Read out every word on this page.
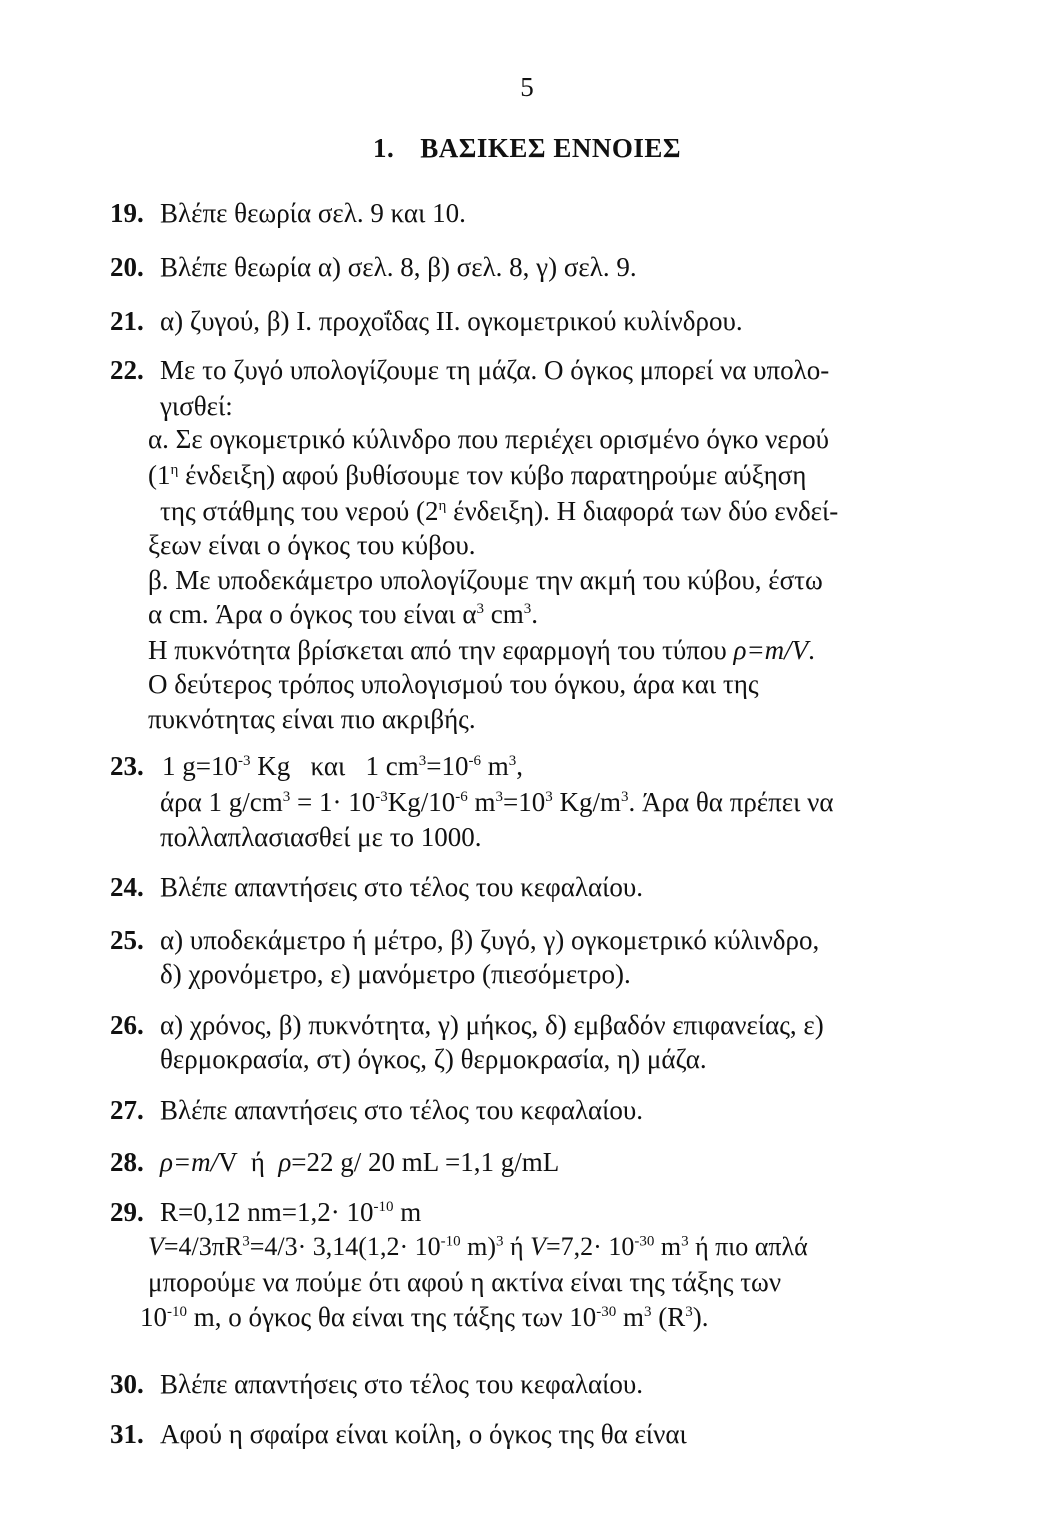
5
1. ΒΑΣΙΚΕΣ ΕΝΝΟΙΕΣ
19. Βλέπε θεωρία σελ. 9 και 10.
20. Βλέπε θεωρία α) σελ. 8, β) σελ. 8, γ) σελ. 9.
21. α) ζυγού, β) Ι. προχοΐδας ΙΙ. ογκομετρικού κυλίνδρου.
22. Με το ζυγό υπολογίζουμε τη μάζα. Ο όγκος μπορεί να υπολο-
γισθεί:
α. Σε ογκομετρικό κύλινδρο που περιέχει ορισμένο όγκο νερού
($1^\eta$ ένδειξη) αφού βυθίσουμε τον κύβο παρατηρούμε αύξηση
της στάθμης του νερού ($2^\eta$ ένδειξη). Η διαφορά των δύο ενδεί-
ξεων είναι ο όγκος του κύβου.
β. Με υποδεκάμετρο υπολογίζουμε την ακμή του κύβου, έστω
α cm. Άρα ο όγκος του είναι $\alpha^3$ $cm^3$.
Η πυκνότητα βρίσκεται από την εφαρμογή του τύπου ρ=m/V.
Ο δεύτερος τρόπος υπολογισμού του όγκου, άρα και της
πυκνότητας είναι πιο ακριβής.
23. 1 $g=10^{-3}$ Kg   και   1 $cm^3=10^{-6}$ $m^3$,
άρα 1 $g/cm^3 = 1\cdot 10^{-3}Kg/10^{-6}$ $m^3=10^3$ $Kg/m^3$. Άρα θα πρέπει να
πολλαπλασιασθεί με το 1000.
24. Βλέπε απαντήσεις στο τέλος του κεφαλαίου.
25. α) υποδεκάμετρο ή μέτρο, β) ζυγό, γ) ογκομετρικό κύλινδρο,
δ) χρονόμετρο, ε) μανόμετρο (πιεσόμετρο).
26. α) χρόνος, β) πυκνότητα, γ) μήκος, δ) εμβαδόν επιφανείας, ε)
θερμοκρασία, στ) όγκος, ζ) θερμοκρασία, η) μάζα.
27. Βλέπε απαντήσεις στο τέλος του κεφαλαίου.
28. ρ=m/V  ή  ρ=22 g/ 20 mL =1,1 g/mL
29. R=0,12 $nm=1,2\cdot 10^{-10}$ m
$V=4/3\pi R^3=4/3\cdot 3,14(1,2\cdot 10^{-10}$ m)$^3$ ή $V=7,2\cdot 10^{-30}$ $m^3$ ή πιο απλά
μπορούμε να πούμε ότι αφού η ακτίνα είναι της τάξης των
$10^{-10}$ m, ο όγκος θα είναι της τάξης των $10^{-30}$ $m^3$ $(R^3)$.
30. Βλέπε απαντήσεις στο τέλος του κεφαλαίου.
31. Αφού η σφαίρα είναι κοίλη, ο όγκος της θα είναι
